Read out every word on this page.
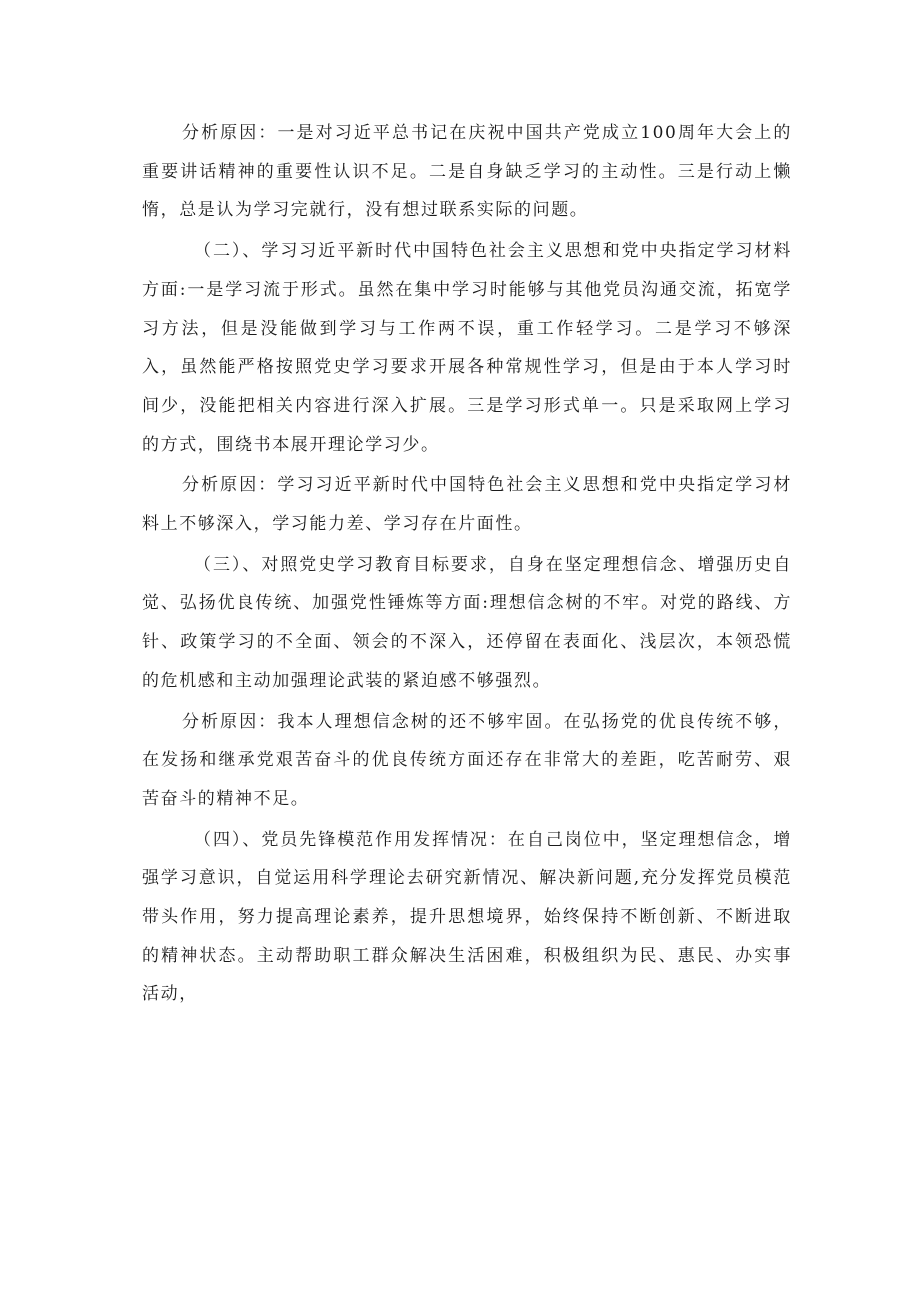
分析原因：一是对习近平总书记在庆祝中国共产党成立100周年大会上的重要讲话精神的重要性认识不足。二是自身缺乏学习的主动性。三是行动上懒惰，总是认为学习完就行，没有想过联系实际的问题。

（二）、学习习近平新时代中国特色社会主义思想和党中央指定学习材料方面:一是学习流于形式。虽然在集中学习时能够与其他党员沟通交流，拓宽学习方法，但是没能做到学习与工作两不误，重工作轻学习。二是学习不够深入，虽然能严格按照党史学习要求开展各种常规性学习，但是由于本人学习时间少，没能把相关内容进行深入扩展。三是学习形式单一。只是采取网上学习的方式，围绕书本展开理论学习少。

分析原因：学习习近平新时代中国特色社会主义思想和党中央指定学习材料上不够深入，学习能力差、学习存在片面性。

（三）、对照党史学习教育目标要求，自身在坚定理想信念、增强历史自觉、弘扬优良传统、加强党性锤炼等方面:理想信念树的不牢。对党的路线、方针、政策学习的不全面、领会的不深入，还停留在表面化、浅层次，本领恐慌的危机感和主动加强理论武装的紧迫感不够强烈。

分析原因：我本人理想信念树的还不够牢固。在弘扬党的优良传统不够，在发扬和继承党艰苦奋斗的优良传统方面还存在非常大的差距，吃苦耐劳、艰苦奋斗的精神不足。

（四）、党员先锋模范作用发挥情况：在自己岗位中，坚定理想信念，增强学习意识，自觉运用科学理论去研究新情况、解决新问题,充分发挥党员模范带头作用，努力提高理论素养，提升思想境界，始终保持不断创新、不断进取的精神状态。主动帮助职工群众解决生活困难，积极组织为民、惠民、办实事活动，
